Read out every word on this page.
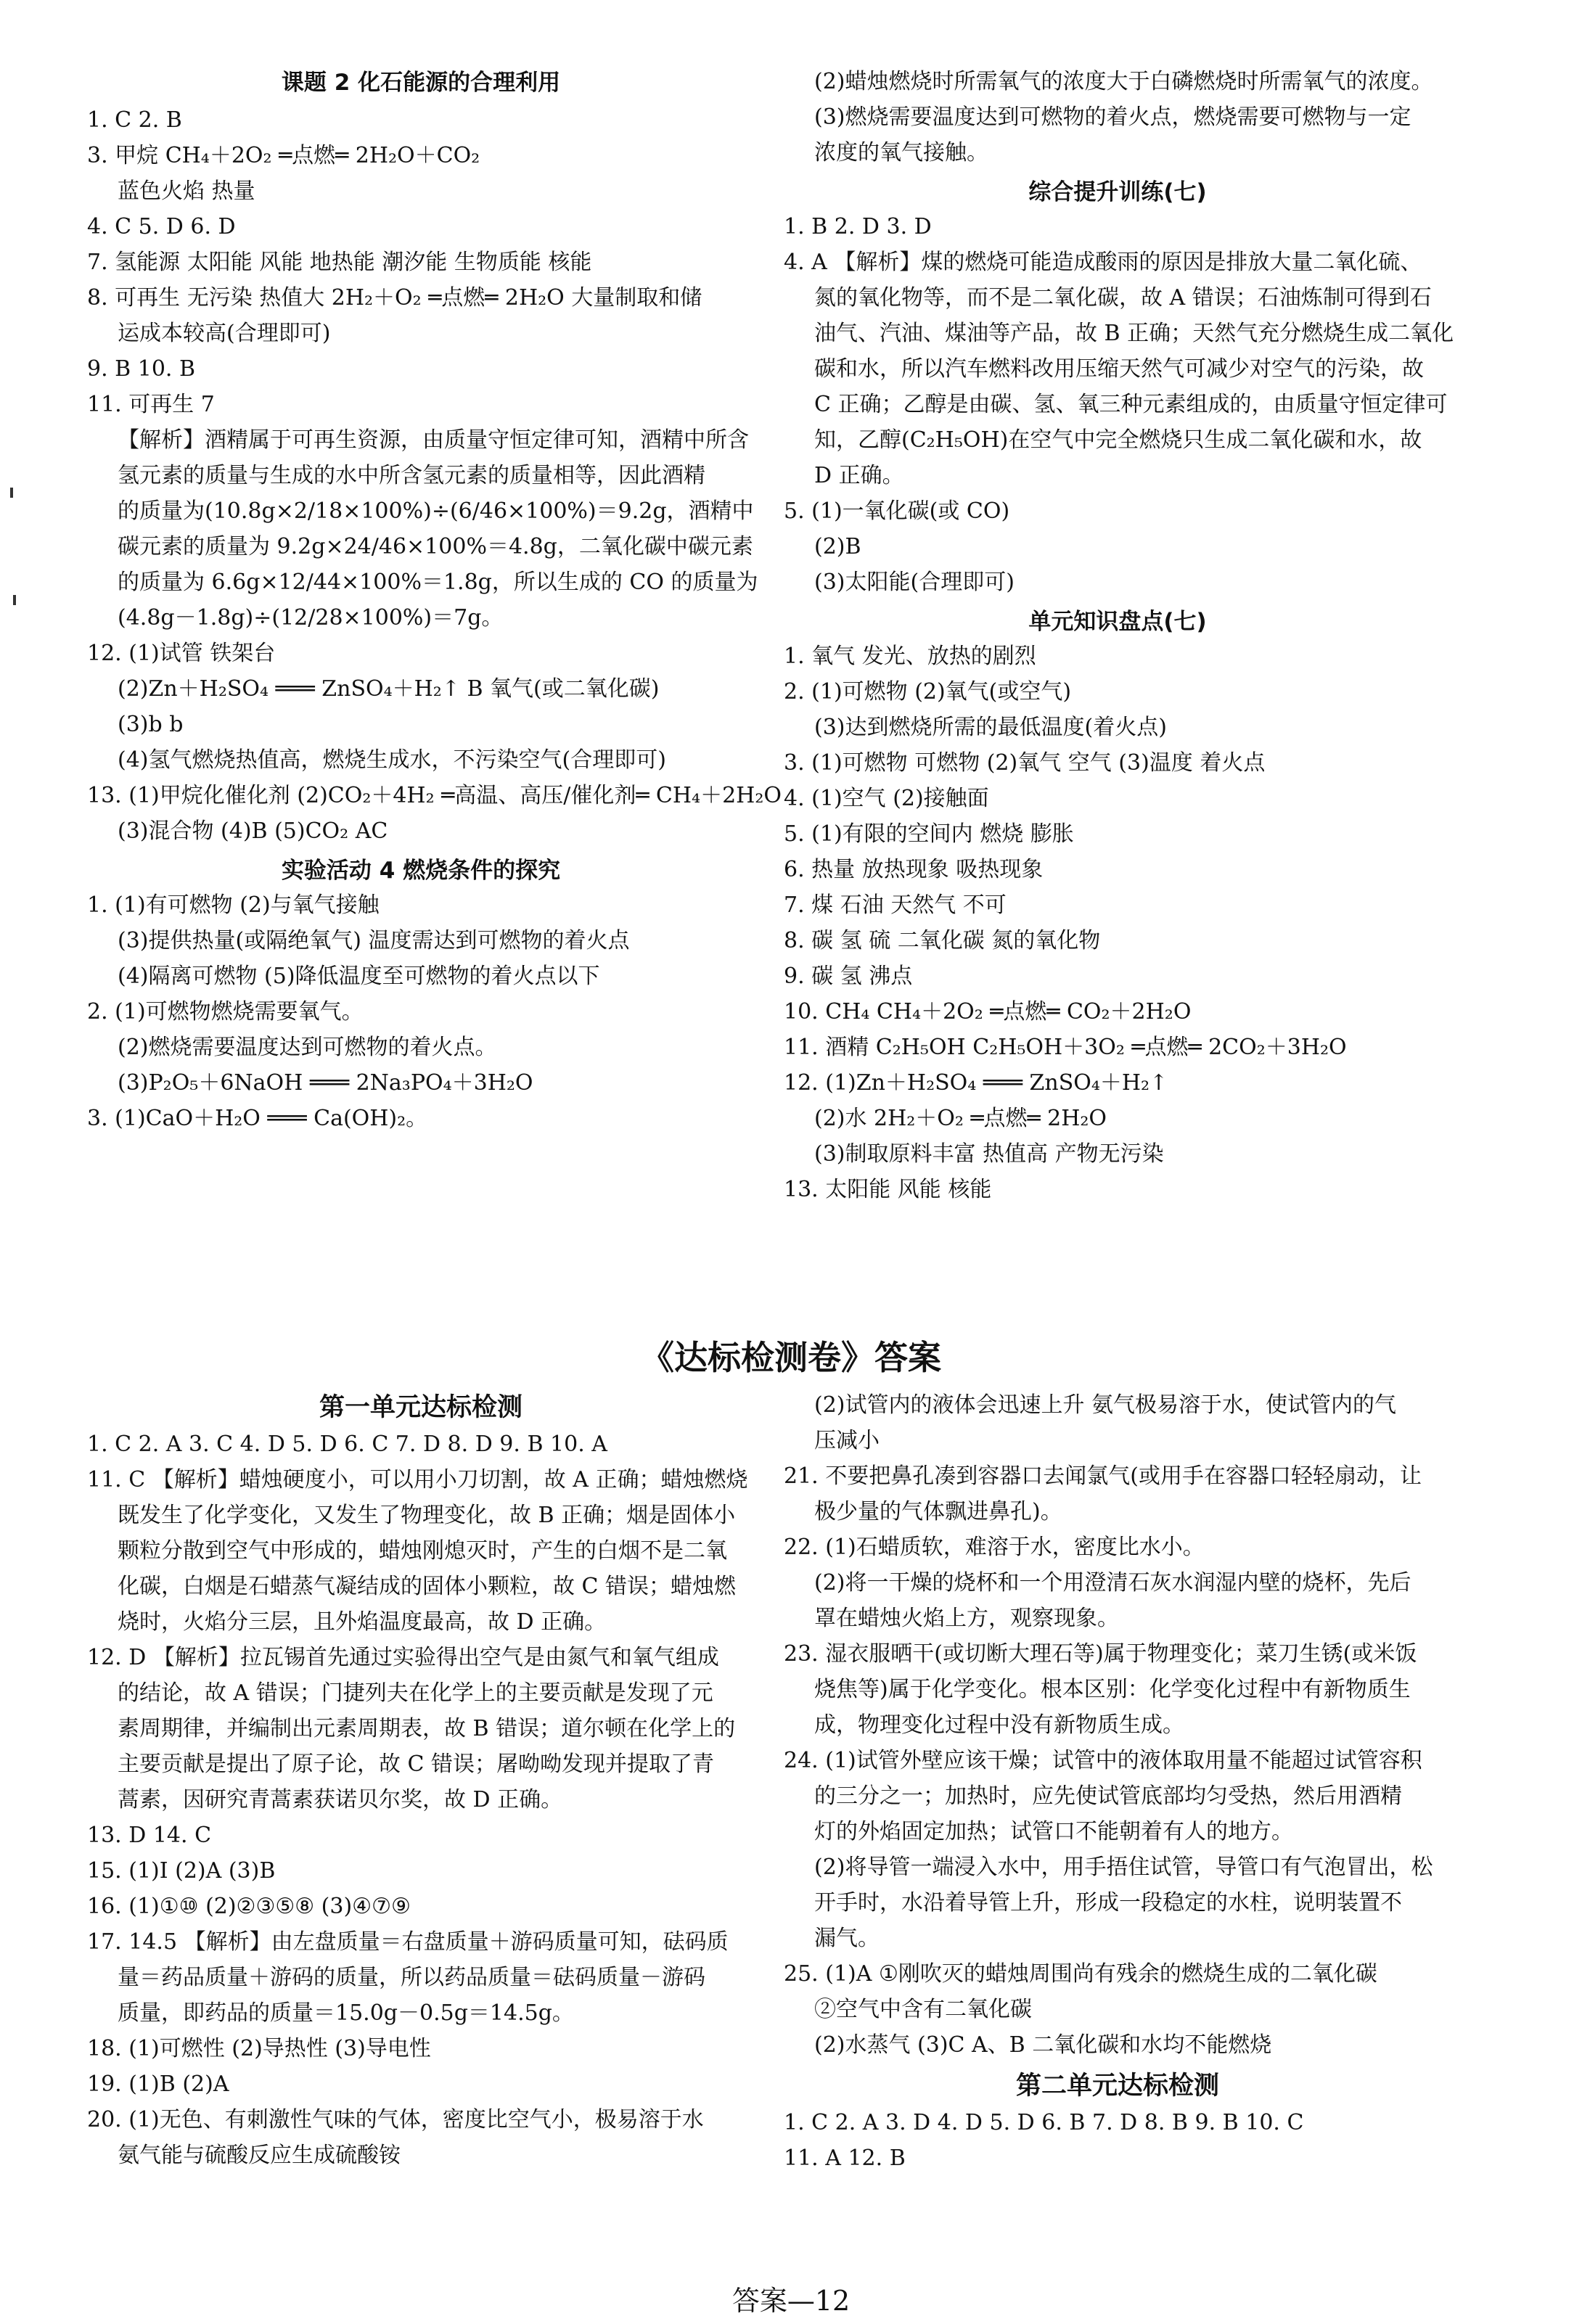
课题 2 化石能源的合理利用
1. C 2. B
3. 甲烷 CH₄＋2O₂ ═点燃═ 2H₂O＋CO₂
蓝色火焰 热量
4. C 5. D 6. D
7. 氢能源 太阳能 风能 地热能 潮汐能 生物质能 核能
8. 可再生 无污染 热值大 2H₂＋O₂ ═点燃═ 2H₂O 大量制取和储
运成本较高(合理即可)
9. B 10. B
11. 可再生 7
【解析】酒精属于可再生资源，由质量守恒定律可知，酒精中所含
氢元素的质量与生成的水中所含氢元素的质量相等，因此酒精
的质量为(10.8g×2/18×100%)÷(6/46×100%)＝9.2g，酒精中
碳元素的质量为 9.2g×24/46×100%＝4.8g，二氧化碳中碳元素
的质量为 6.6g×12/44×100%＝1.8g，所以生成的 CO 的质量为
(4.8g－1.8g)÷(12/28×100%)＝7g。
12. (1)试管 铁架台
(2)Zn＋H₂SO₄ ═══ ZnSO₄＋H₂↑ B 氧气(或二氧化碳)
(3)b b
(4)氢气燃烧热值高，燃烧生成水，不污染空气(合理即可)
13. (1)甲烷化催化剂 (2)CO₂＋4H₂ ═高温、高压/催化剂═ CH₄＋2H₂O
(3)混合物 (4)B (5)CO₂ AC
实验活动 4 燃烧条件的探究
1. (1)有可燃物 (2)与氧气接触
(3)提供热量(或隔绝氧气) 温度需达到可燃物的着火点
(4)隔离可燃物 (5)降低温度至可燃物的着火点以下
2. (1)可燃物燃烧需要氧气。
(2)燃烧需要温度达到可燃物的着火点。
(3)P₂O₅＋6NaOH ═══ 2Na₃PO₄＋3H₂O
3. (1)CaO＋H₂O ═══ Ca(OH)₂。
(2)蜡烛燃烧时所需氧气的浓度大于白磷燃烧时所需氧气的浓度。
(3)燃烧需要温度达到可燃物的着火点，燃烧需要可燃物与一定
浓度的氧气接触。
综合提升训练(七)
1. B 2. D 3. D
4. A 【解析】煤的燃烧可能造成酸雨的原因是排放大量二氧化硫、
氮的氧化物等，而不是二氧化碳，故 A 错误；石油炼制可得到石
油气、汽油、煤油等产品，故 B 正确；天然气充分燃烧生成二氧化
碳和水，所以汽车燃料改用压缩天然气可减少对空气的污染，故
C 正确；乙醇是由碳、氢、氧三种元素组成的，由质量守恒定律可
知，乙醇(C₂H₅OH)在空气中完全燃烧只生成二氧化碳和水，故
D 正确。
5. (1)一氧化碳(或 CO)
(2)B
(3)太阳能(合理即可)
单元知识盘点(七)
1. 氧气 发光、放热的剧烈
2. (1)可燃物 (2)氧气(或空气)
(3)达到燃烧所需的最低温度(着火点)
3. (1)可燃物 可燃物 (2)氧气 空气 (3)温度 着火点
4. (1)空气 (2)接触面
5. (1)有限的空间内 燃烧 膨胀
6. 热量 放热现象 吸热现象
7. 煤 石油 天然气 不可
8. 碳 氢 硫 二氧化碳 氮的氧化物
9. 碳 氢 沸点
10. CH₄ CH₄＋2O₂ ═点燃═ CO₂＋2H₂O
11. 酒精 C₂H₅OH C₂H₅OH＋3O₂ ═点燃═ 2CO₂＋3H₂O
12. (1)Zn＋H₂SO₄ ═══ ZnSO₄＋H₂↑
(2)水 2H₂＋O₂ ═点燃═ 2H₂O
(3)制取原料丰富 热值高 产物无污染
13. 太阳能 风能 核能
《达标检测卷》答案
第一单元达标检测
1. C 2. A 3. C 4. D 5. D 6. C 7. D 8. D 9. B 10. A
11. C 【解析】蜡烛硬度小，可以用小刀切割，故 A 正确；蜡烛燃烧
既发生了化学变化，又发生了物理变化，故 B 正确；烟是固体小
颗粒分散到空气中形成的，蜡烛刚熄灭时，产生的白烟不是二氧
化碳，白烟是石蜡蒸气凝结成的固体小颗粒，故 C 错误；蜡烛燃
烧时，火焰分三层，且外焰温度最高，故 D 正确。
12. D 【解析】拉瓦锡首先通过实验得出空气是由氮气和氧气组成
的结论，故 A 错误；门捷列夫在化学上的主要贡献是发现了元
素周期律，并编制出元素周期表，故 B 错误；道尔顿在化学上的
主要贡献是提出了原子论，故 C 错误；屠呦呦发现并提取了青
蒿素，因研究青蒿素获诺贝尔奖，故 D 正确。
13. D 14. C
15. (1)I (2)A (3)B
16. (1)①⑩ (2)②③⑤⑧ (3)④⑦⑨
17. 14.5 【解析】由左盘质量＝右盘质量＋游码质量可知，砝码质
量＝药品质量＋游码的质量，所以药品质量＝砝码质量－游码
质量，即药品的质量＝15.0g－0.5g＝14.5g。
18. (1)可燃性 (2)导热性 (3)导电性
19. (1)B (2)A
20. (1)无色、有刺激性气味的气体，密度比空气小，极易溶于水
氨气能与硫酸反应生成硫酸铵
(2)试管内的液体会迅速上升 氨气极易溶于水，使试管内的气
压减小
21. 不要把鼻孔凑到容器口去闻氯气(或用手在容器口轻轻扇动，让
极少量的气体飘进鼻孔)。
22. (1)石蜡质软，难溶于水，密度比水小。
(2)将一干燥的烧杯和一个用澄清石灰水润湿内壁的烧杯，先后
罩在蜡烛火焰上方，观察现象。
23. 湿衣服晒干(或切断大理石等)属于物理变化；菜刀生锈(或米饭
烧焦等)属于化学变化。根本区别：化学变化过程中有新物质生
成，物理变化过程中没有新物质生成。
24. (1)试管外壁应该干燥；试管中的液体取用量不能超过试管容积
的三分之一；加热时，应先使试管底部均匀受热，然后用酒精
灯的外焰固定加热；试管口不能朝着有人的地方。
(2)将导管一端浸入水中，用手捂住试管，导管口有气泡冒出，松
开手时，水沿着导管上升，形成一段稳定的水柱，说明装置不
漏气。
25. (1)A ①刚吹灭的蜡烛周围尚有残余的燃烧生成的二氧化碳
②空气中含有二氧化碳
(2)水蒸气 (3)C A、B 二氧化碳和水均不能燃烧
第二单元达标检测
1. C 2. A 3. D 4. D 5. D 6. B 7. D 8. B 9. B 10. C
11. A 12. B
答案—12
